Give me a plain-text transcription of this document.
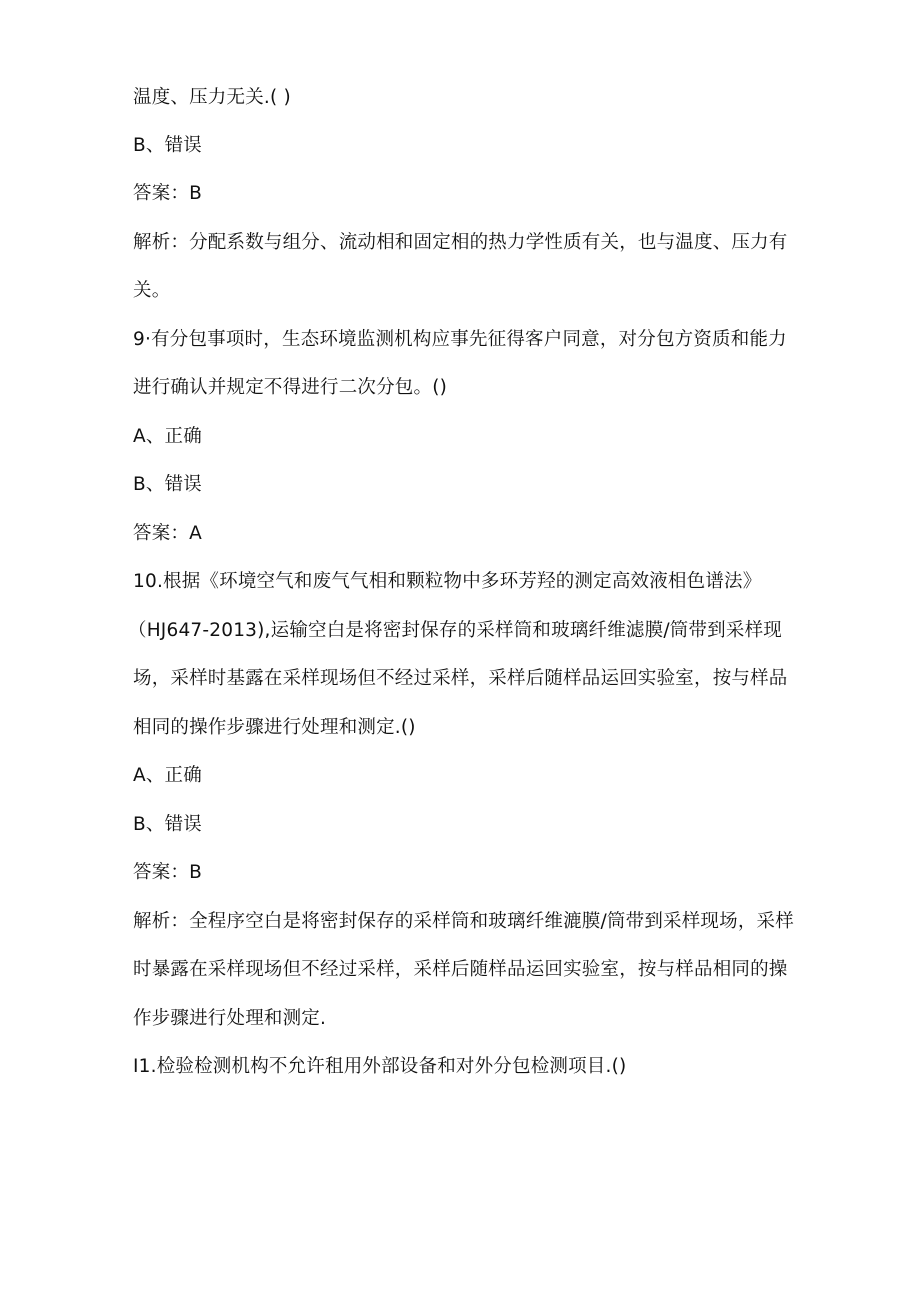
温度、压力无关.( )
B、错误
答案：B
解析：分配系数与组分、流动相和固定相的热力学性质有关，也与温度、压力有
关。
9·有分包事项时，生态环境监测机构应事先征得客户同意，对分包方资质和能力
进行确认并规定不得进行二次分包。()
A、正确
B、错误
答案：A
10.根据《环境空气和废气气相和颗粒物中多环芳羟的测定高效液相色谱法》
（HJ647-2013),运输空白是将密封保存的采样筒和玻璃纤维滤膜/筒带到采样现
场，采样时基露在采样现场但不经过采样，采样后随样品运回实验室，按与样品
相同的操作步骤进行处理和测定.()
A、正确
B、错误
答案：B
解析：全程序空白是将密封保存的采样筒和玻璃纤维漉膜/筒带到采样现场，采样
时暴露在采样现场但不经过采样，采样后随样品运回实验室，按与样品相同的操
作步骤进行处理和测定.
I1.检验检测机构不允许租用外部设备和对外分包检测项目.()
